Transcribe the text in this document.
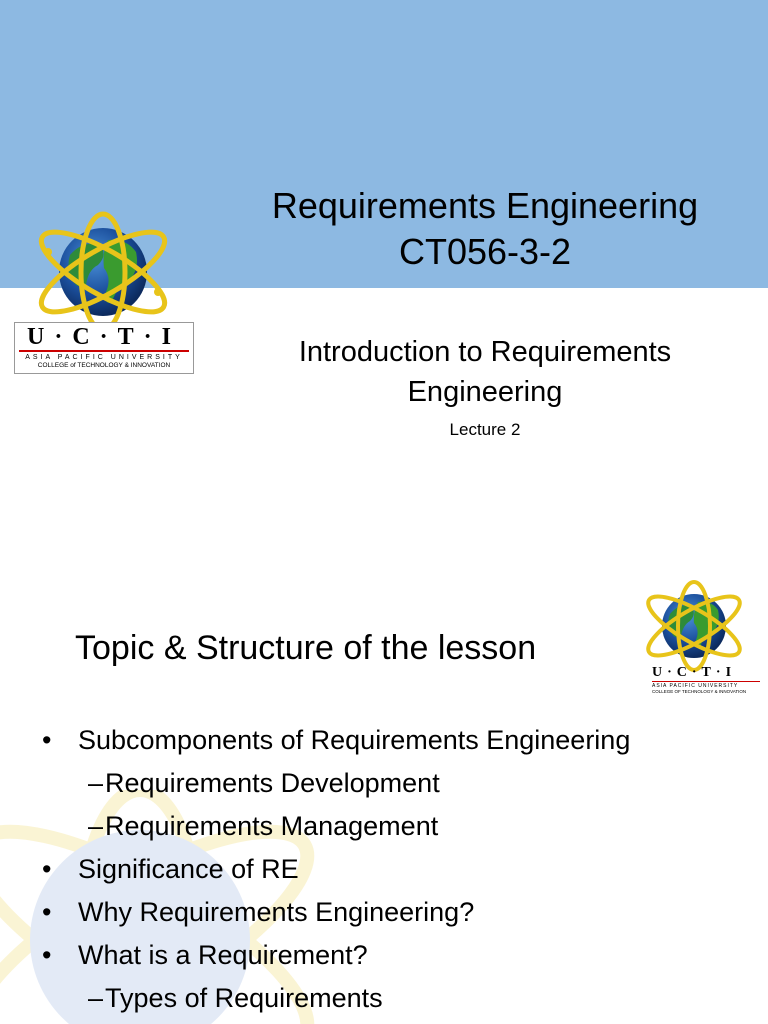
U·C·T·I
ASIA PACIFIC UNIVERSITY
COLLEGE of TECHNOLOGY & INNOVATION
Requirements Engineering
CT056-3-2
Introduction to Requirements
Engineering
Lecture 2
U·C·T·I
ASIA PACIFIC UNIVERSITY
COLLEGE OF TECHNOLOGY & INNOVATION
Topic & Structure of the lesson
• Subcomponents of Requirements Engineering
–Requirements Development
–Requirements Management
• Significance of RE
• Why Requirements Engineering?
• What is a Requirement?
–Types of Requirements
